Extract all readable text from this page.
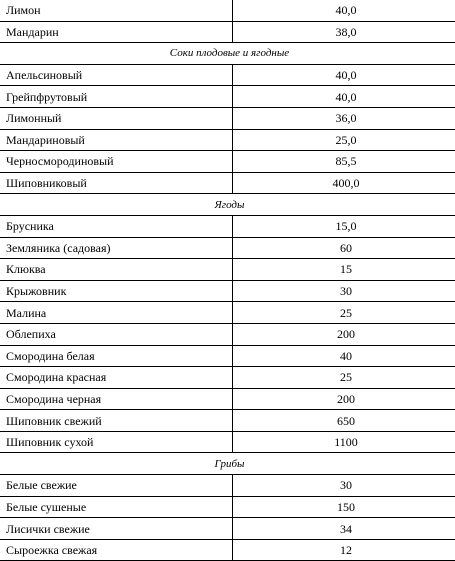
Лимон	40,0
Мандарин	38,0
Соки плодовые и ягодные	
Апельсиновый	40,0
Грейпфрутовый	40,0
Лимонный	36,0
Мандариновый	25,0
Черносмородиновый	85,5
Шиповниковый	400,0
Ягоды	
Брусника	15,0
Земляника (садовая)	60
Клюква	15
Крыжовник	30
Малина	25
Облепиха	200
Смородина белая	40
Смородина красная	25
Смородина черная	200
Шиповник свежий	650
Шиповник сухой	1100
Грибы	
Белые свежие	30
Белые сушеные	150
Лисички свежие	34
Сыроежка свежая	12
